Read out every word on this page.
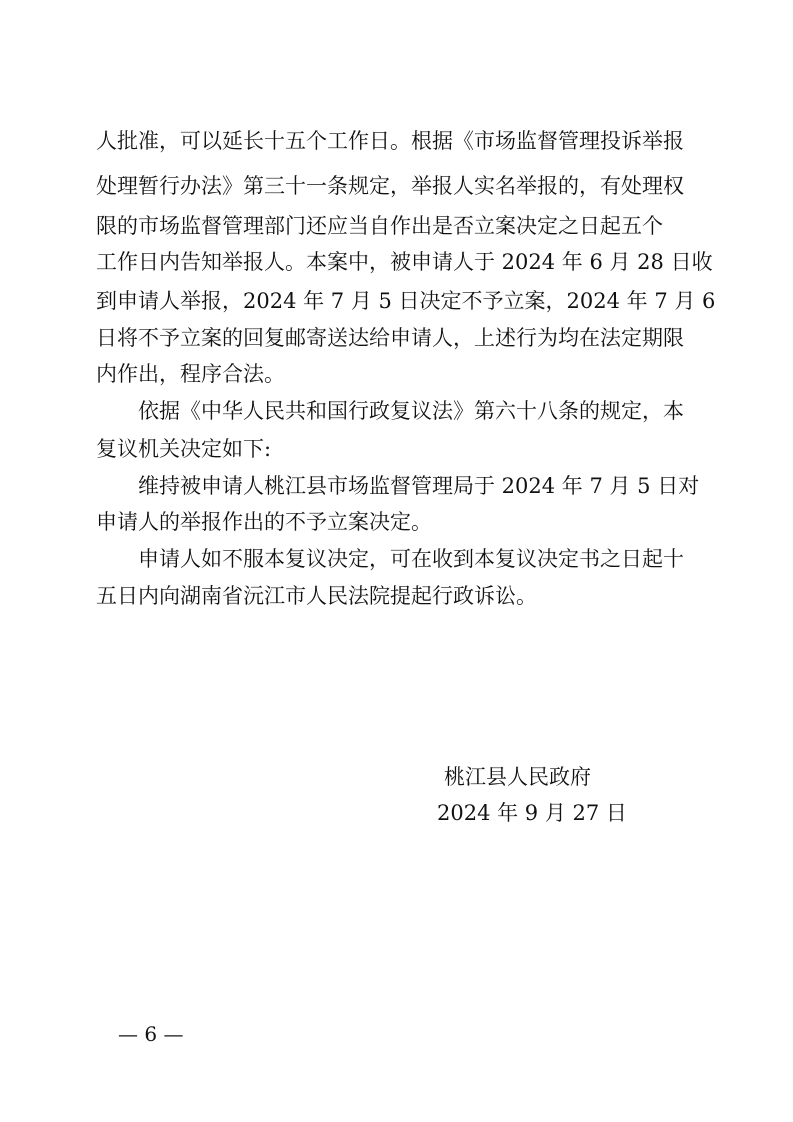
人批准，可以延长十五个工作日。根据《市场监督管理投诉举报
处理暂行办法》第三十一条规定，举报人实名举报的，有处理权
限的市场监督管理部门还应当自作出是否立案决定之日起五个
工作日内告知举报人。本案中，被申请人于 2024 年 6 月 28 日收
到申请人举报，2024 年 7 月 5 日决定不予立案，2024 年 7 月 6
日将不予立案的回复邮寄送达给申请人，上述行为均在法定期限
内作出，程序合法。
依据《中华人民共和国行政复议法》第六十八条的规定，本
复议机关决定如下:
维持被申请人桃江县市场监督管理局于 2024 年 7 月 5 日对
申请人的举报作出的不予立案决定。
申请人如不服本复议决定，可在收到本复议决定书之日起十
五日内向湖南省沅江市人民法院提起行政诉讼。
桃江县人民政府
2024 年 9 月 27 日
— 6 —
